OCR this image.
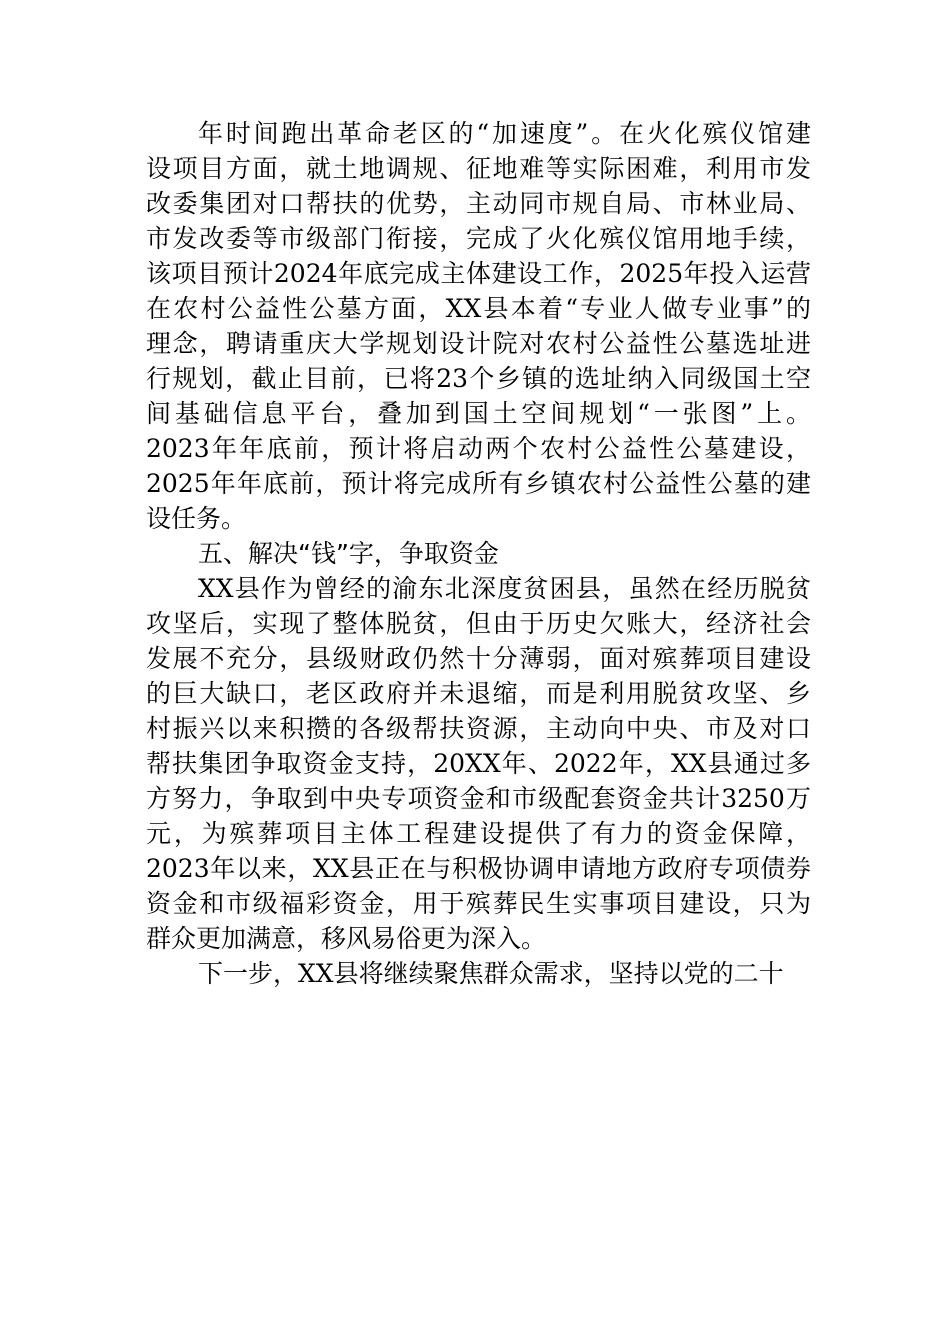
年时间跑出革命老区的“加速度”。在火化殡仪馆建
设项目方面，就土地调规、征地难等实际困难，利用市发
改委集团对口帮扶的优势，主动同市规自局、市林业局、
市发改委等市级部门衔接，完成了火化殡仪馆用地手续，
该项目预计2024年底完成主体建设工作，2025年投入运营
在农村公益性公墓方面，XX县本着“专业人做专业事”的
理念，聘请重庆大学规划设计院对农村公益性公墓选址进
行规划，截止目前，已将23个乡镇的选址纳入同级国土空
间基础信息平台，叠加到国土空间规划“一张图”上。
2023年年底前，预计将启动两个农村公益性公墓建设，
2025年年底前，预计将完成所有乡镇农村公益性公墓的建
设任务。
五、解决“钱”字，争取资金
XX县作为曾经的渝东北深度贫困县，虽然在经历脱贫
攻坚后，实现了整体脱贫，但由于历史欠账大，经济社会
发展不充分，县级财政仍然十分薄弱，面对殡葬项目建设
的巨大缺口，老区政府并未退缩，而是利用脱贫攻坚、乡
村振兴以来积攒的各级帮扶资源，主动向中央、市及对口
帮扶集团争取资金支持，20XX年、2022年，XX县通过多
方努力，争取到中央专项资金和市级配套资金共计3250万
元，为殡葬项目主体工程建设提供了有力的资金保障，
2023年以来，XX县正在与积极协调申请地方政府专项债券
资金和市级福彩资金，用于殡葬民生实事项目建设，只为
群众更加满意，移风易俗更为深入。
下一步，XX县将继续聚焦群众需求，坚持以党的二十
